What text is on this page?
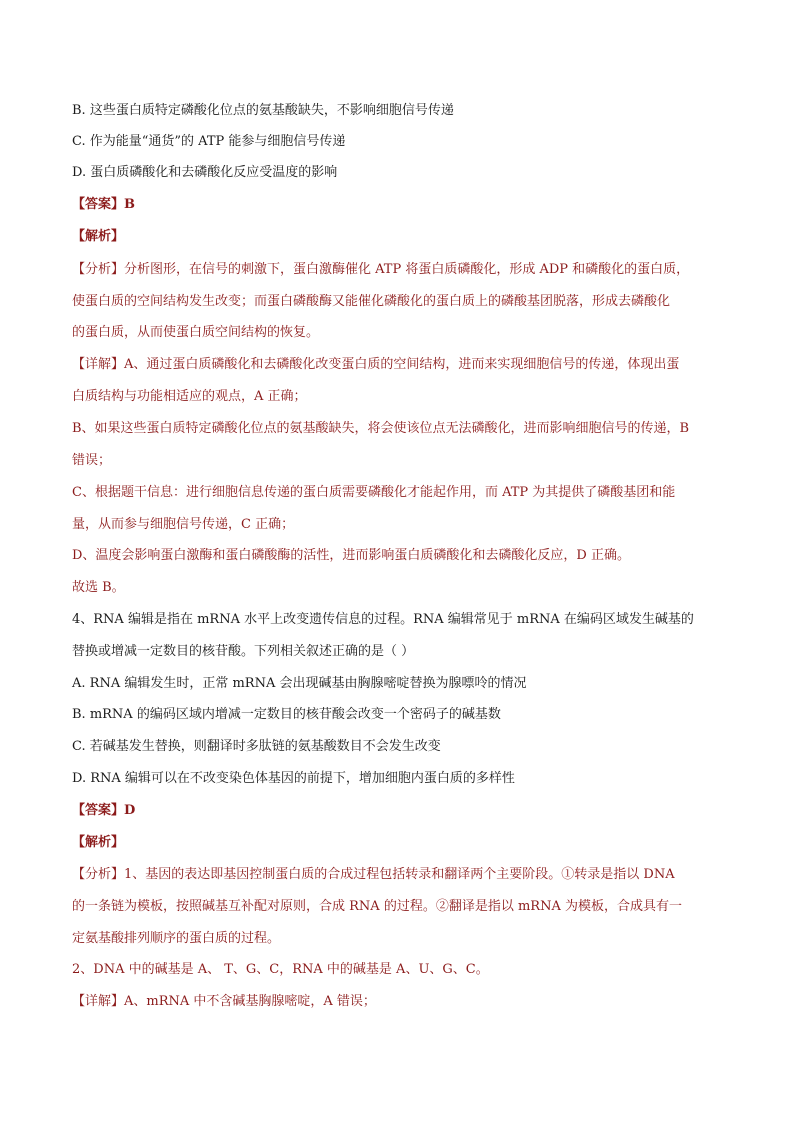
B. 这些蛋白质特定磷酸化位点的氨基酸缺失，不影响细胞信号传递
C. 作为能量“通货”的 ATP 能参与细胞信号传递
D. 蛋白质磷酸化和去磷酸化反应受温度的影响
【答案】B
【解析】
【分析】分析图形，在信号的刺激下，蛋白激酶催化 ATP 将蛋白质磷酸化，形成 ADP 和磷酸化的蛋白质，
使蛋白质的空间结构发生改变；而蛋白磷酸酶又能催化磷酸化的蛋白质上的磷酸基团脱落，形成去磷酸化
的蛋白质，从而使蛋白质空间结构的恢复。
【详解】A、通过蛋白质磷酸化和去磷酸化改变蛋白质的空间结构，进而来实现细胞信号的传递，体现出蛋
白质结构与功能相适应的观点，A 正确；
B、如果这些蛋白质特定磷酸化位点的氨基酸缺失，将会使该位点无法磷酸化，进而影响细胞信号的传递，B
错误；
C、根据题干信息：进行细胞信息传递的蛋白质需要磷酸化才能起作用，而 ATP 为其提供了磷酸基团和能
量，从而参与细胞信号传递，C 正确；
D、温度会影响蛋白激酶和蛋白磷酸酶的活性，进而影响蛋白质磷酸化和去磷酸化反应，D 正确。
故选 B。
4、RNA 编辑是指在 mRNA 水平上改变遗传信息的过程。RNA 编辑常见于 mRNA 在编码区域发生碱基的
替换或增减一定数目的核苷酸。下列相关叙述正确的是（ ）
A. RNA 编辑发生时，正常 mRNA 会出现碱基由胸腺嘧啶替换为腺嘌呤的情况
B. mRNA 的编码区域内增减一定数目的核苷酸会改变一个密码子的碱基数
C. 若碱基发生替换，则翻译时多肽链的氨基酸数目不会发生改变
D. RNA 编辑可以在不改变染色体基因的前提下，增加细胞内蛋白质的多样性
【答案】D
【解析】
【分析】1、基因的表达即基因控制蛋白质的合成过程包括转录和翻译两个主要阶段。①转录是指以 DNA
的一条链为模板，按照碱基互补配对原则，合成 RNA 的过程。②翻译是指以 mRNA 为模板，合成具有一
定氨基酸排列顺序的蛋白质的过程。
2、DNA 中的碱基是 A、 T、G、C，RNA 中的碱基是 A、U、G、C。
【详解】A、mRNA 中不含碱基胸腺嘧啶，A 错误；
